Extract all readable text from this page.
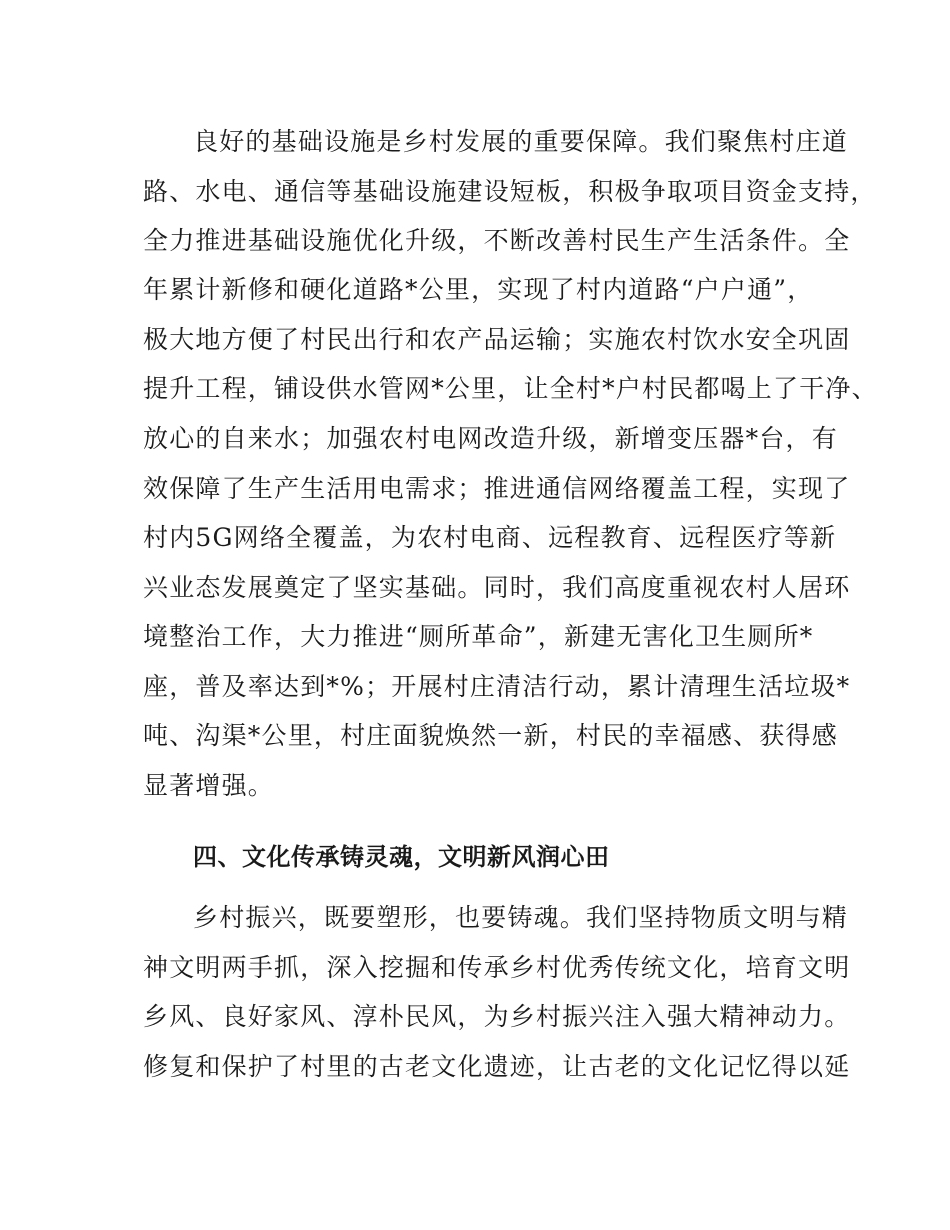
良好的基础设施是乡村发展的重要保障。我们聚焦村庄道
路、水电、通信等基础设施建设短板，积极争取项目资金支持，
全力推进基础设施优化升级，不断改善村民生产生活条件。全
年累计新修和硬化道路*公里，实现了村内道路“户户通”，
极大地方便了村民出行和农产品运输；实施农村饮水安全巩固
提升工程，铺设供水管网*公里，让全村*户村民都喝上了干净、
放心的自来水；加强农村电网改造升级，新增变压器*台，有
效保障了生产生活用电需求；推进通信网络覆盖工程，实现了
村内5G网络全覆盖，为农村电商、远程教育、远程医疗等新
兴业态发展奠定了坚实基础。同时，我们高度重视农村人居环
境整治工作，大力推进“厕所革命”，新建无害化卫生厕所*
座，普及率达到*%；开展村庄清洁行动，累计清理生活垃圾*
吨、沟渠*公里，村庄面貌焕然一新，村民的幸福感、获得感
显著增强。
四、文化传承铸灵魂，文明新风润心田
乡村振兴，既要塑形，也要铸魂。我们坚持物质文明与精
神文明两手抓，深入挖掘和传承乡村优秀传统文化，培育文明
乡风、良好家风、淳朴民风，为乡村振兴注入强大精神动力。
修复和保护了村里的古老文化遗迹，让古老的文化记忆得以延
